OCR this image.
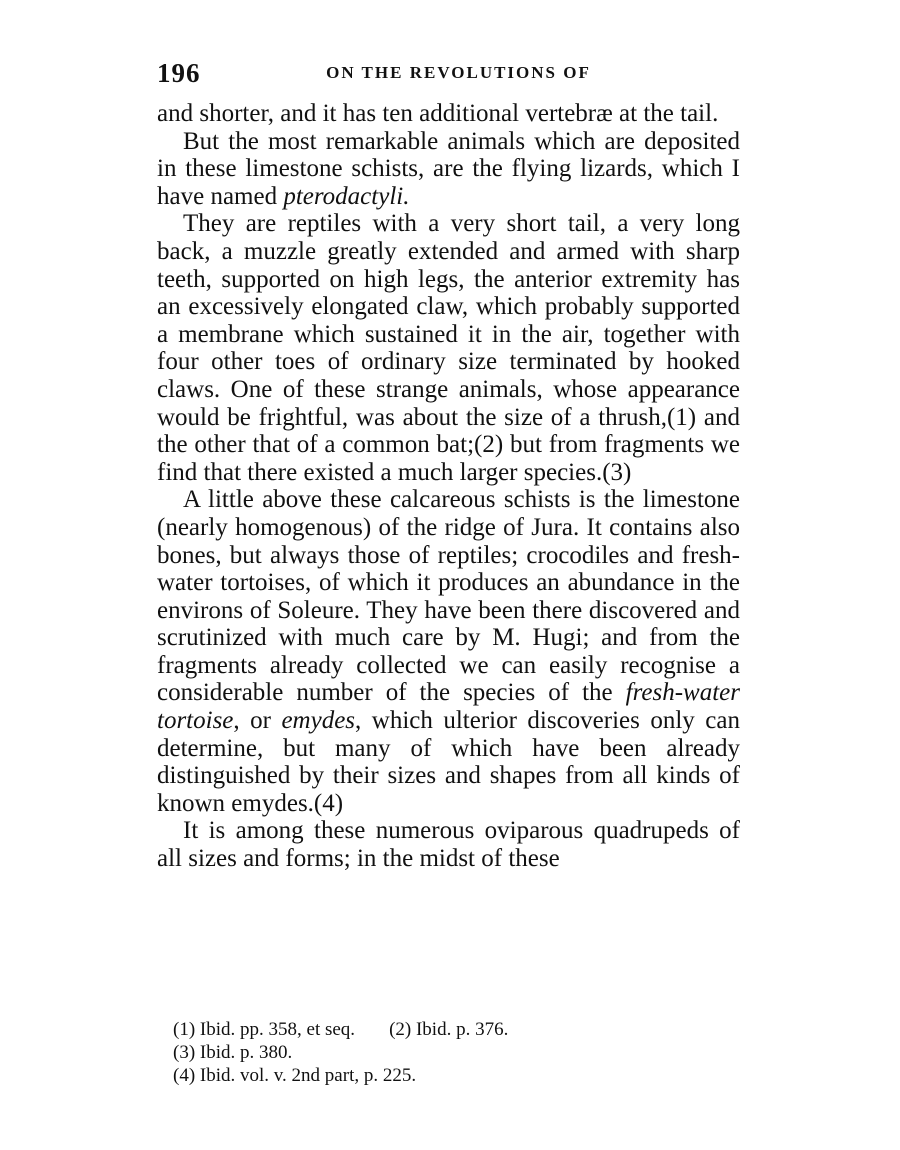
196	ON THE REVOLUTIONS OF

and shorter, and it has ten additional vertebræ at the tail.

But the most remarkable animals which are deposited in these limestone schists, are the flying lizards, which I have named pterodactyli.

They are reptiles with a very short tail, a very long back, a muzzle greatly extended and armed with sharp teeth, supported on high legs, the anterior extremity has an excessively elongated claw, which probably supported a membrane which sustained it in the air, together with four other toes of ordinary size terminated by hooked claws. One of these strange animals, whose appearance would be frightful, was about the size of a thrush,(1) and the other that of a common bat;(2) but from fragments we find that there existed a much larger species.(3)

A little above these calcareous schists is the limestone (nearly homogenous) of the ridge of Jura. It contains also bones, but always those of reptiles; crocodiles and fresh-water tortoises, of which it produces an abundance in the environs of Soleure. They have been there discovered and scrutinized with much care by M. Hugi; and from the fragments already collected we can easily recognise a considerable number of the species of the fresh-water tortoise, or emydes, which ulterior discoveries only can determine, but many of which have been already distinguished by their sizes and shapes from all kinds of known emydes.(4)

It is among these numerous oviparous quadrupeds of all sizes and forms; in the midst of these

(1) Ibid. pp. 358, et seq. (2) Ibid. p. 376.
(3) Ibid. p. 380.
(4) Ibid. vol. v. 2nd part, p. 225.
